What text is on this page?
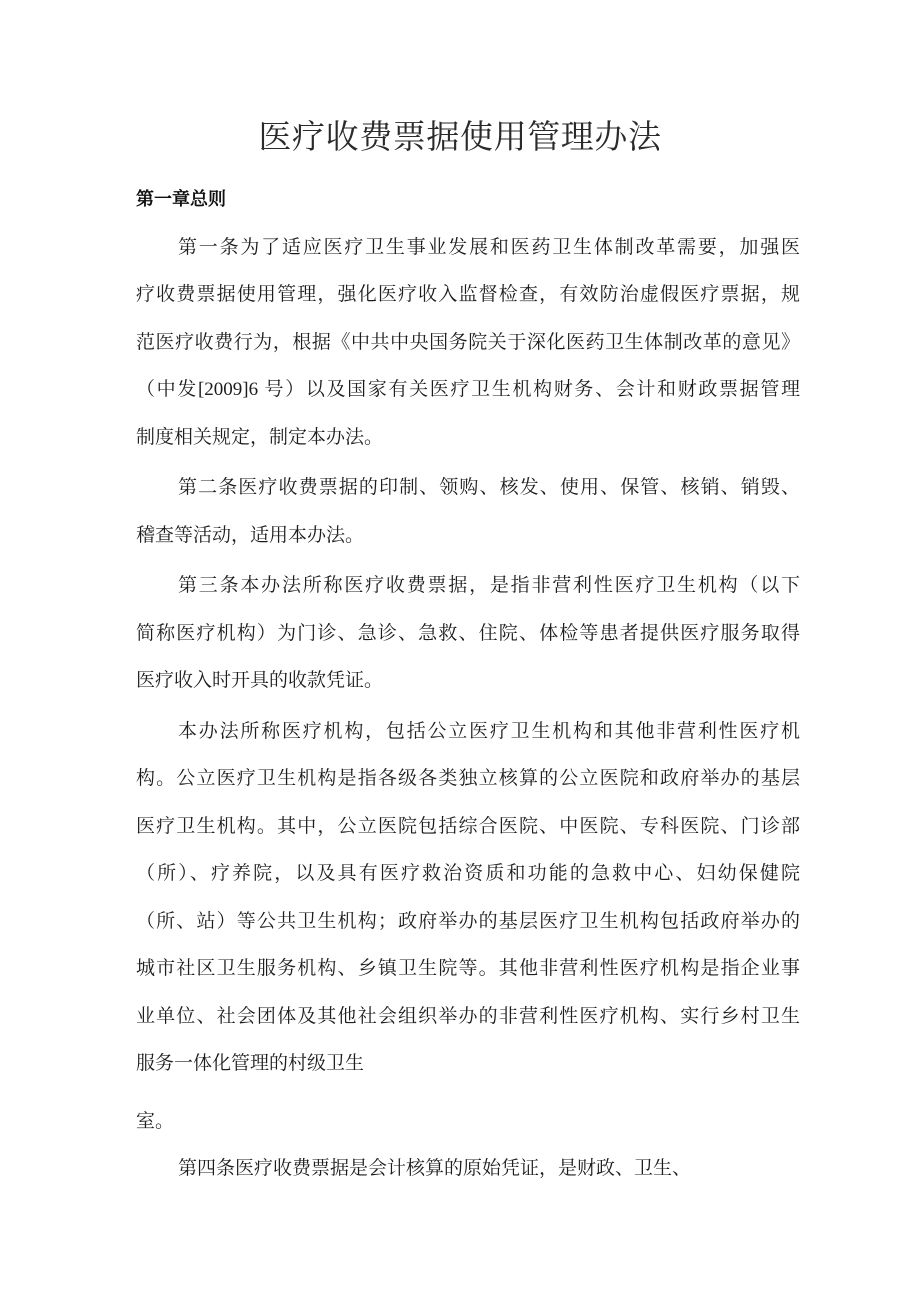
医疗收费票据使用管理办法
第一章总则
第一条为了适应医疗卫生事业发展和医药卫生体制改革需要，加强医
疗收费票据使用管理，强化医疗收入监督检查，有效防治虚假医疗票据，规
范医疗收费行为，根据《中共中央国务院关于深化医药卫生体制改革的意见》
（中发[2009]6 号）以及国家有关医疗卫生机构财务、会计和财政票据管理
制度相关规定，制定本办法。
第二条医疗收费票据的印制、领购、核发、使用、保管、核销、销毁、
稽查等活动，适用本办法。
第三条本办法所称医疗收费票据，是指非营利性医疗卫生机构（以下
简称医疗机构）为门诊、急诊、急救、住院、体检等患者提供医疗服务取得
医疗收入时开具的收款凭证。
本办法所称医疗机构，包括公立医疗卫生机构和其他非营利性医疗机
构。公立医疗卫生机构是指各级各类独立核算的公立医院和政府举办的基层
医疗卫生机构。其中，公立医院包括综合医院、中医院、专科医院、门诊部
（所）、疗养院，以及具有医疗救治资质和功能的急救中心、妇幼保健院
（所、站）等公共卫生机构；政府举办的基层医疗卫生机构包括政府举办的
城市社区卫生服务机构、乡镇卫生院等。其他非营利性医疗机构是指企业事
业单位、社会团体及其他社会组织举办的非营利性医疗机构、实行乡村卫生
服务一体化管理的村级卫生
室。
第四条医疗收费票据是会计核算的原始凭证，是财政、卫生、
